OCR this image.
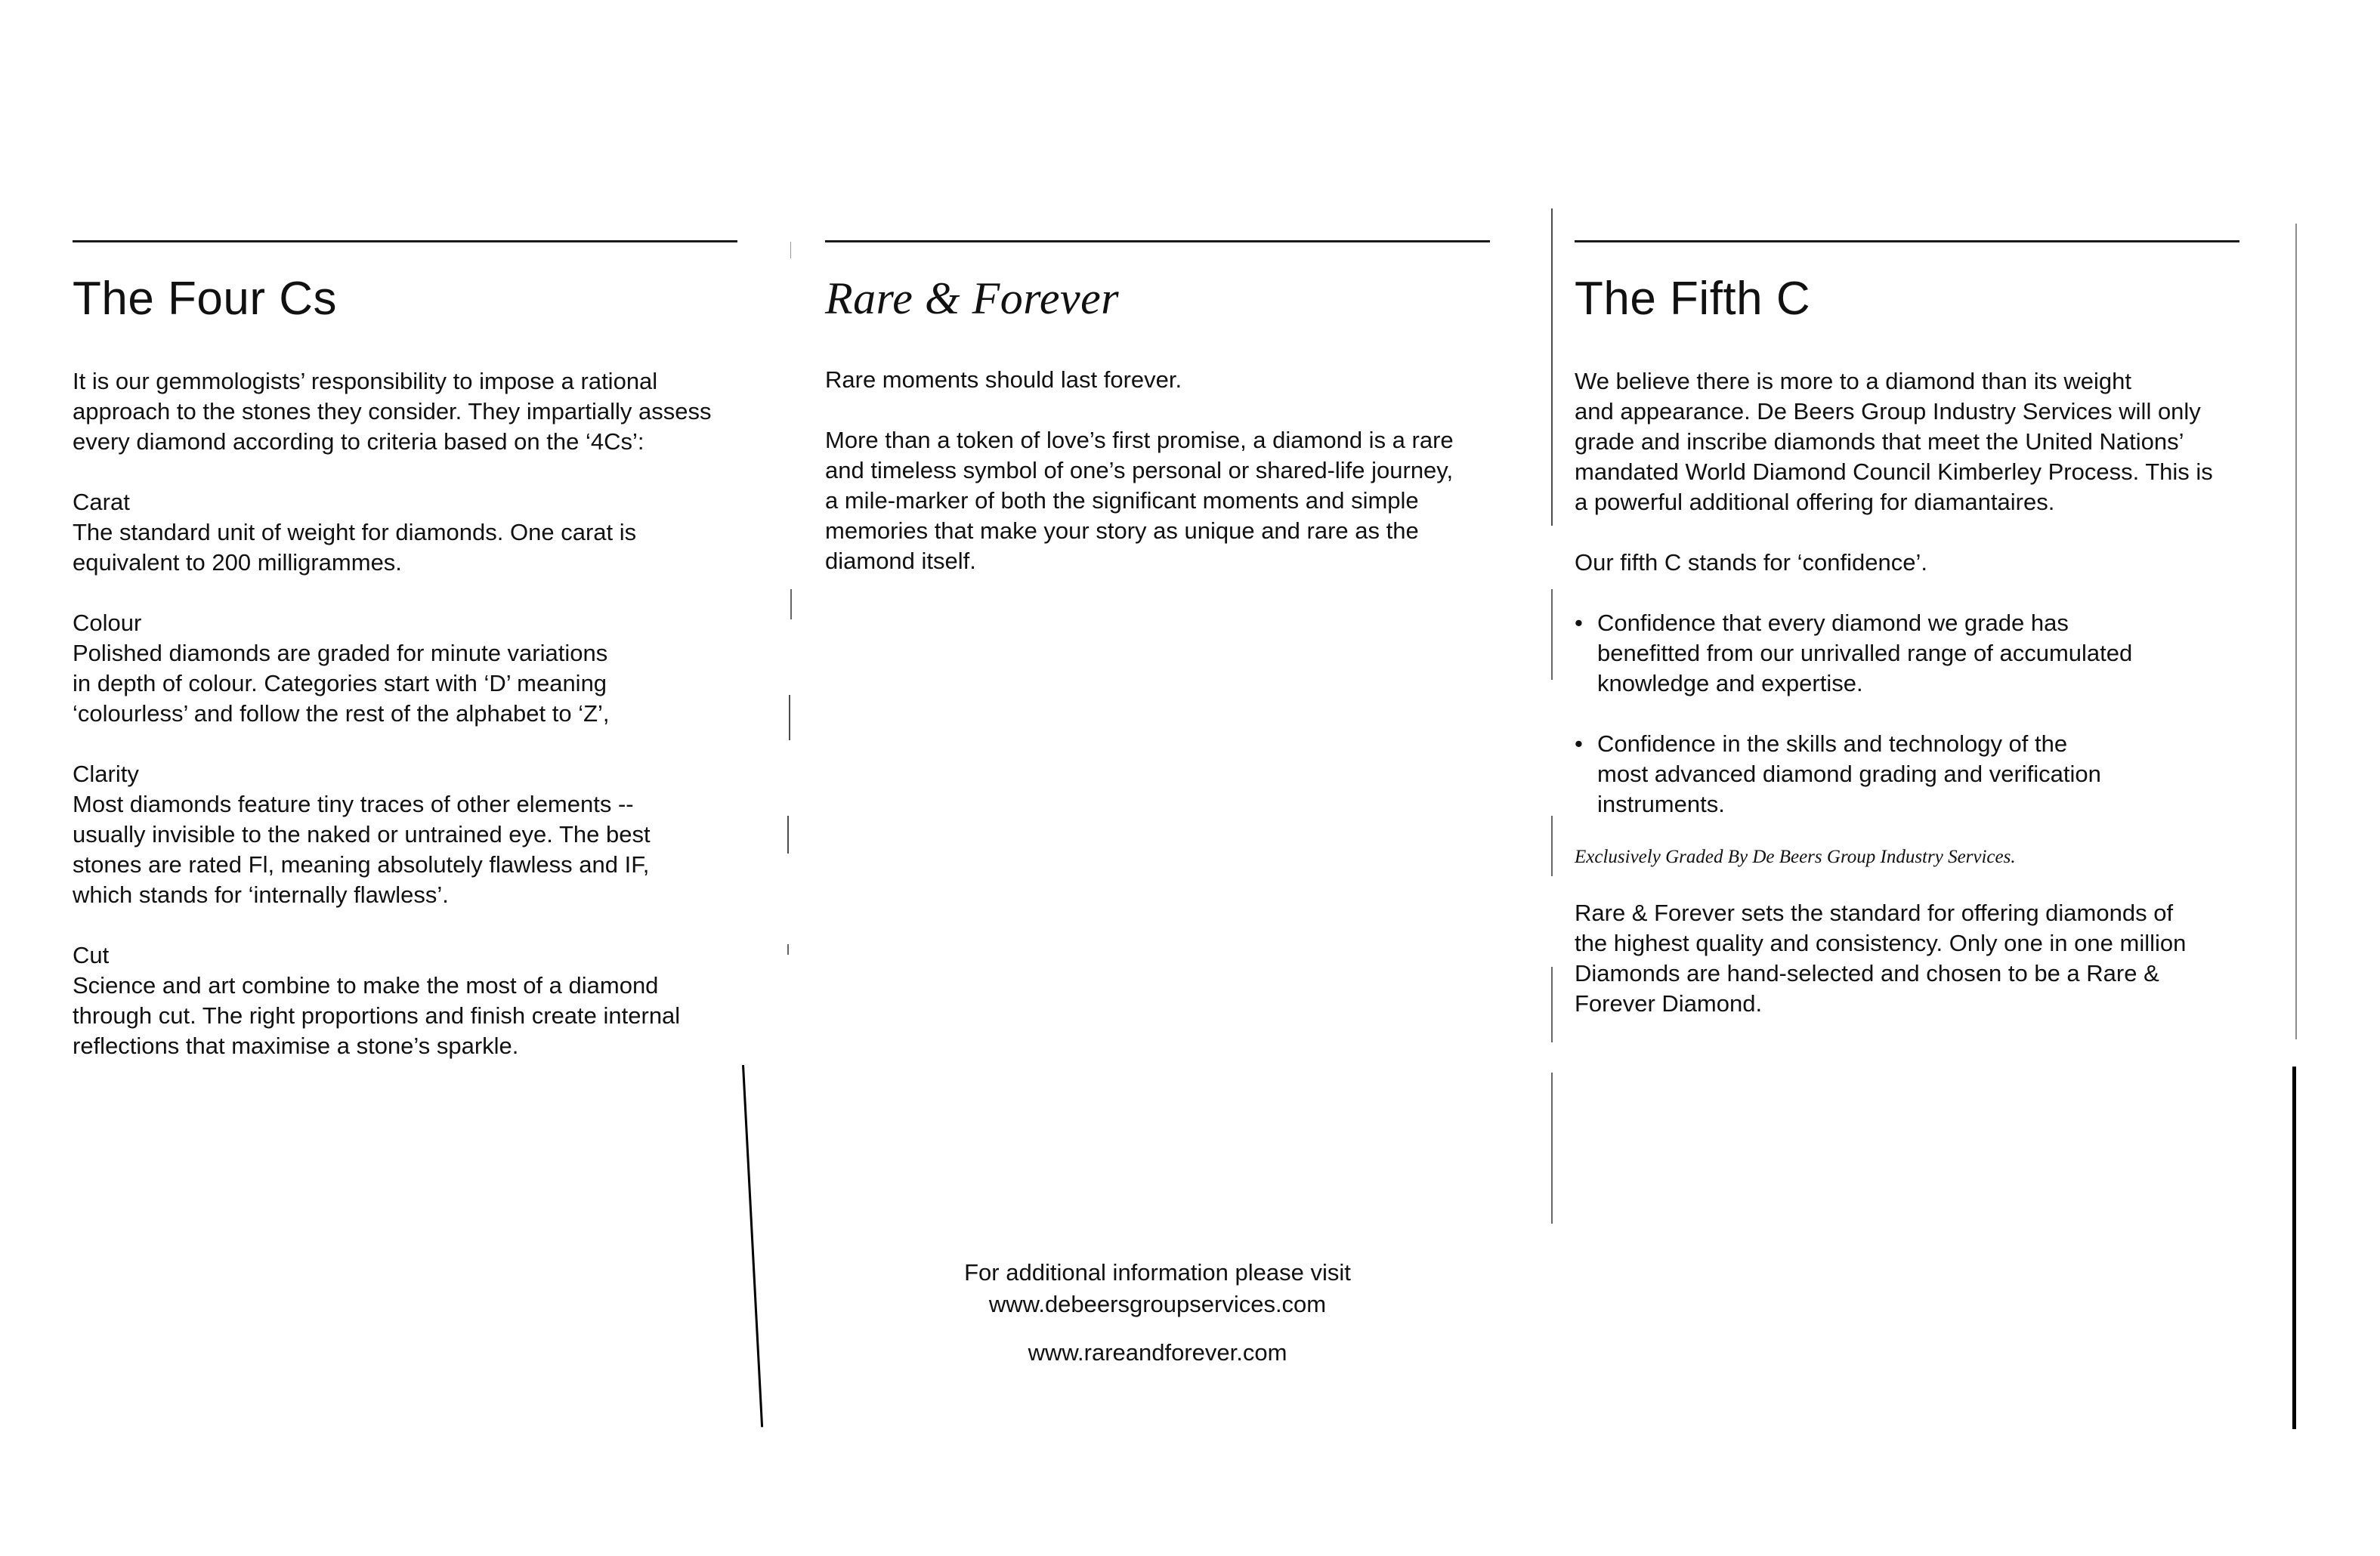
The Four Cs

It is our gemmologists’ responsibility to impose a rational

approach to the stones they consider. They impartially assess

every diamond according to criteria based on the ‘4Cs’:

Carat

The standard unit of weight for diamonds. One carat is

equivalent to 200 milligrammes.

Colour

Polished diamonds are graded for minute variations

in depth of colour. Categories start with ‘D’ meaning

‘colourless’ and follow the rest of the alphabet to ‘Z’,

Clarity

Most diamonds feature tiny traces of other elements --

usually invisible to the naked or untrained eye. The best

stones are rated Fl, meaning absolutely flawless and IF,

which stands for ‘internally flawless’.

Cut

Science and art combine to make the most of a diamond

through cut. The right proportions and finish create internal

reflections that maximise a stone’s sparkle.

Rare & Forever

Rare moments should last forever.

More than a token of love’s first promise, a diamond is a rare

and timeless symbol of one’s personal or shared-life journey,

a mile-marker of both the significant moments and simple

memories that make your story as unique and rare as the

diamond itself.

For additional information please visit

www.debeersgroupservices.com

www.rareandforever.com

The Fifth C

We believe there is more to a diamond than its weight

and appearance. De Beers Group Industry Services will only

grade and inscribe diamonds that meet the United Nations’

mandated World Diamond Council Kimberley Process. This is

a powerful additional offering for diamantaires.

Our fifth C stands for ‘confidence’.

• Confidence that every diamond we grade has

benefitted from our unrivalled range of accumulated

knowledge and expertise.

• Confidence in the skills and technology of the

most advanced diamond grading and verification

instruments.

Exclusively Graded By De Beers Group Industry Services.

Rare & Forever sets the standard for offering diamonds of

the highest quality and consistency. Only one in one million

Diamonds are hand-selected and chosen to be a Rare &

Forever Diamond.
